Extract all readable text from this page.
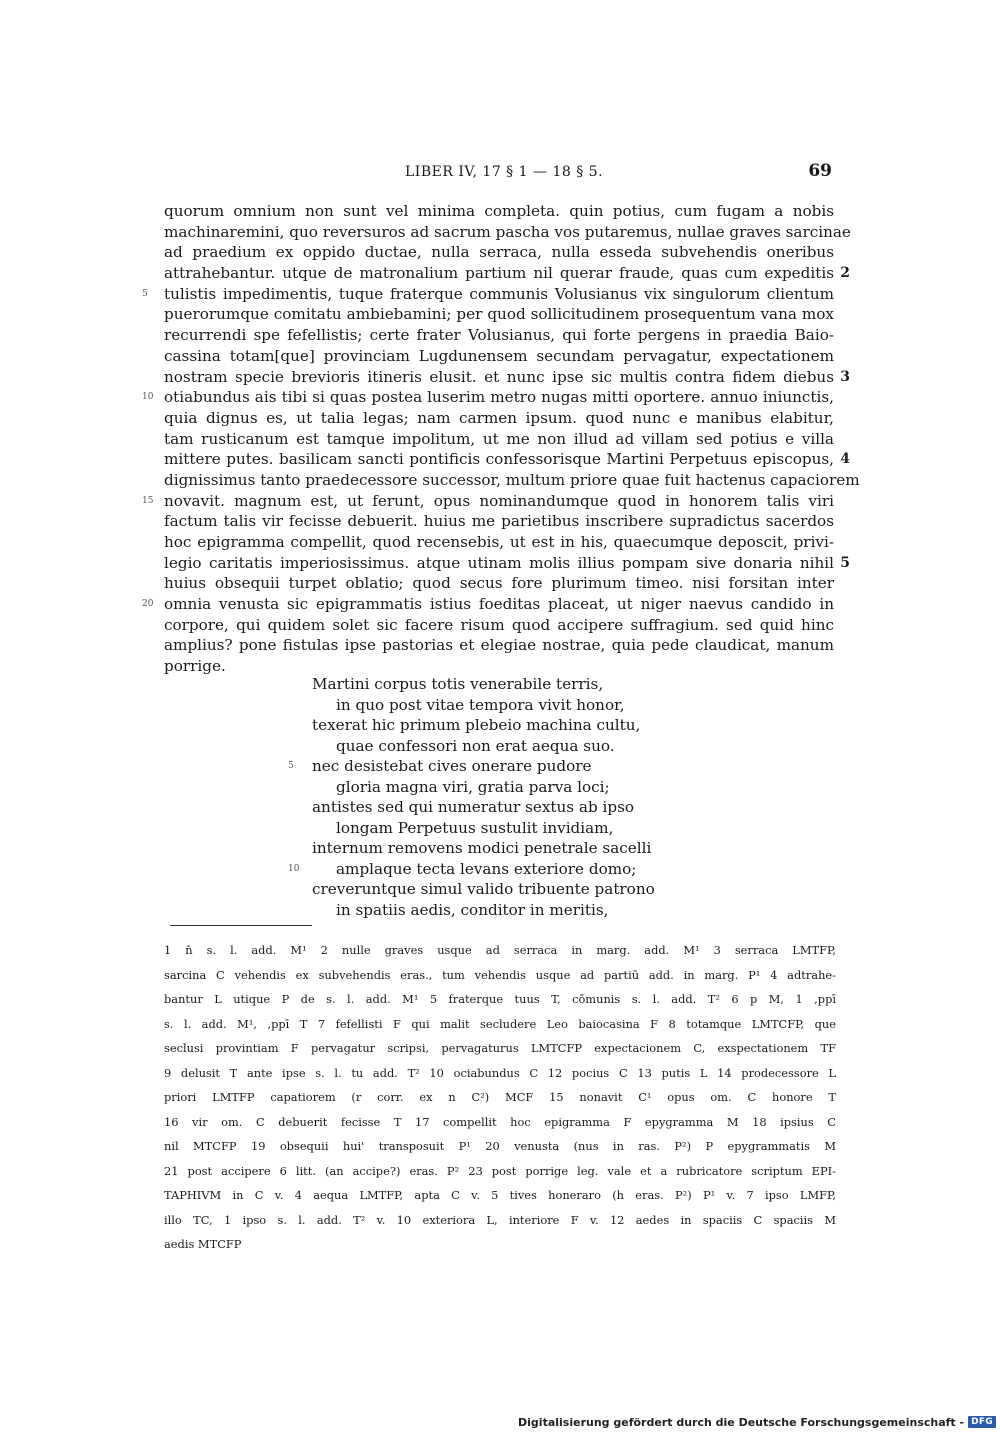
LIBER IV, 17 § 1 — 18 § 5.	69
quorum omnium non sunt vel minima completa. quin potius, cum fugam a nobis
machinaremini, quo reversuros ad sacrum pascha vos putaremus, nullae graves sarcinae
ad praedium ex oppido ductae, nulla serraca, nulla esseda subvehendis oneribus
attrahebantur. utque de matronalium partium nil querar fraude, quas cum expeditis 2
tulistis impedimentis, tuque fraterque communis Volusianus vix singulorum clientum
5
puerorumque comitatu ambiebamini; per quod sollicitudinem prosequentum vana mox
recurrendi spe fefellistis; certe frater Volusianus, qui forte pergens in praedia Baio-
cassina totam[que] provinciam Lugdunensem secundam pervagatur, expectationem
nostram specie brevioris itineris elusit. et nunc ipse sic multis contra fidem diebus 3
otiabundus ais tibi si quas postea luserim metro nugas mitti oportere. annuo iniunctis,
10
quia dignus es, ut talia legas; nam carmen ipsum. quod nunc e manibus elabitur,
tam rusticanum est tamque impolitum, ut me non illud ad villam sed potius e villa
mittere putes. basilicam sancti pontificis confessorisque Martini Perpetuus episcopus, 4
dignissimus tanto praedecessore successor, multum priore quae fuit hactenus capaciorem
novavit. magnum est, ut ferunt, opus nominandumque quod in honorem talis viri
15
factum talis vir fecisse debuerit. huius me parietibus inscribere supradictus sacerdos
hoc epigramma compellit, quod recensebis, ut est in his, quaecumque deposcit, privi-
legio caritatis imperiosissimus. atque utinam molis illius pompam sive donaria nihil 5
huius obsequii turpet oblatio; quod secus fore plurimum timeo. nisi forsitan inter
omnia venusta sic epigrammatis istius foeditas placeat, ut niger naevus candido in
20
corpore, qui quidem solet sic facere risum quod accipere suffragium. sed quid hinc
amplius? pone fistulas ipse pastorias et elegiae nostrae, quia pede claudicat, manum
porrige.
Martini corpus totis venerabile terris,
in quo post vitae tempora vivit honor,
texerat hic primum plebeio machina cultu,
quae confessori non erat aequa suo.
nec desistebat cives onerare pudore
5
gloria magna viri, gratia parva loci;
antistes sed qui numeratur sextus ab ipso
longam Perpetuus sustulit invidiam,
internum removens modici penetrale sacelli
amplaque tecta levans exteriore domo;
10
creveruntque simul valido tribuente patrono
in spatiis aedis, conditor in meritis,
1 n̄ s. l. add. M¹ 2 nulle graves usque ad serraca in marg. add. M¹ 3 serraca LMTFP,
sarcina C vehendis ex subvehendis eras., tum vehendis usque ad partiū add. in marg. P¹ 4 adtrahe-
bantur L utique P de s. l. add. M¹ 5 fraterque tuus T, cōmunis s. l. add. T² 6 p M, 1 ,ppī
s. l. add. M¹, ,ppī T 7 fefellisti F qui malit secludere Leo baiocasina F 8 totamque LMTCFP, que
seclusi provintiam F pervagatur scripsi, pervagaturus LMTCFP expectacionem C, exspectationem TF
9 delusit T ante ipse s. l. tu add. T² 10 ociabundus C 12 pocius C 13 putis L 14 prodecessore L
priori LMTFP capatiorem (r corr. ex n C²) MCF 15 nonavit C¹ opus om. C honore T
16 vir om. C debuerit fecisse T 17 compellit hoc epigramma F epygramma M 18 ipsius C
nil MTCFP 19 obsequii hui' transposuit P¹ 20 venusta (nus in ras. P²) P epygrammatis M
21 post accipere 6 litt. (an accipe?) eras. P² 23 post porrige leg. vale et a rubricatore scriptum EPI-
TAPHIVM in C v. 4 aequa LMTFP, apta C v. 5 tives honeraro (h eras. P²) P¹ v. 7 ipso LMFP,
illo TC, 1 ipso s. l. add. T² v. 10 exteriora L, interiore F v. 12 aedes in spaciis C spaciis M
aedis MTCFP
Digitalisierung gefördert durch die Deutsche Forschungsgemeinschaft - DFG
